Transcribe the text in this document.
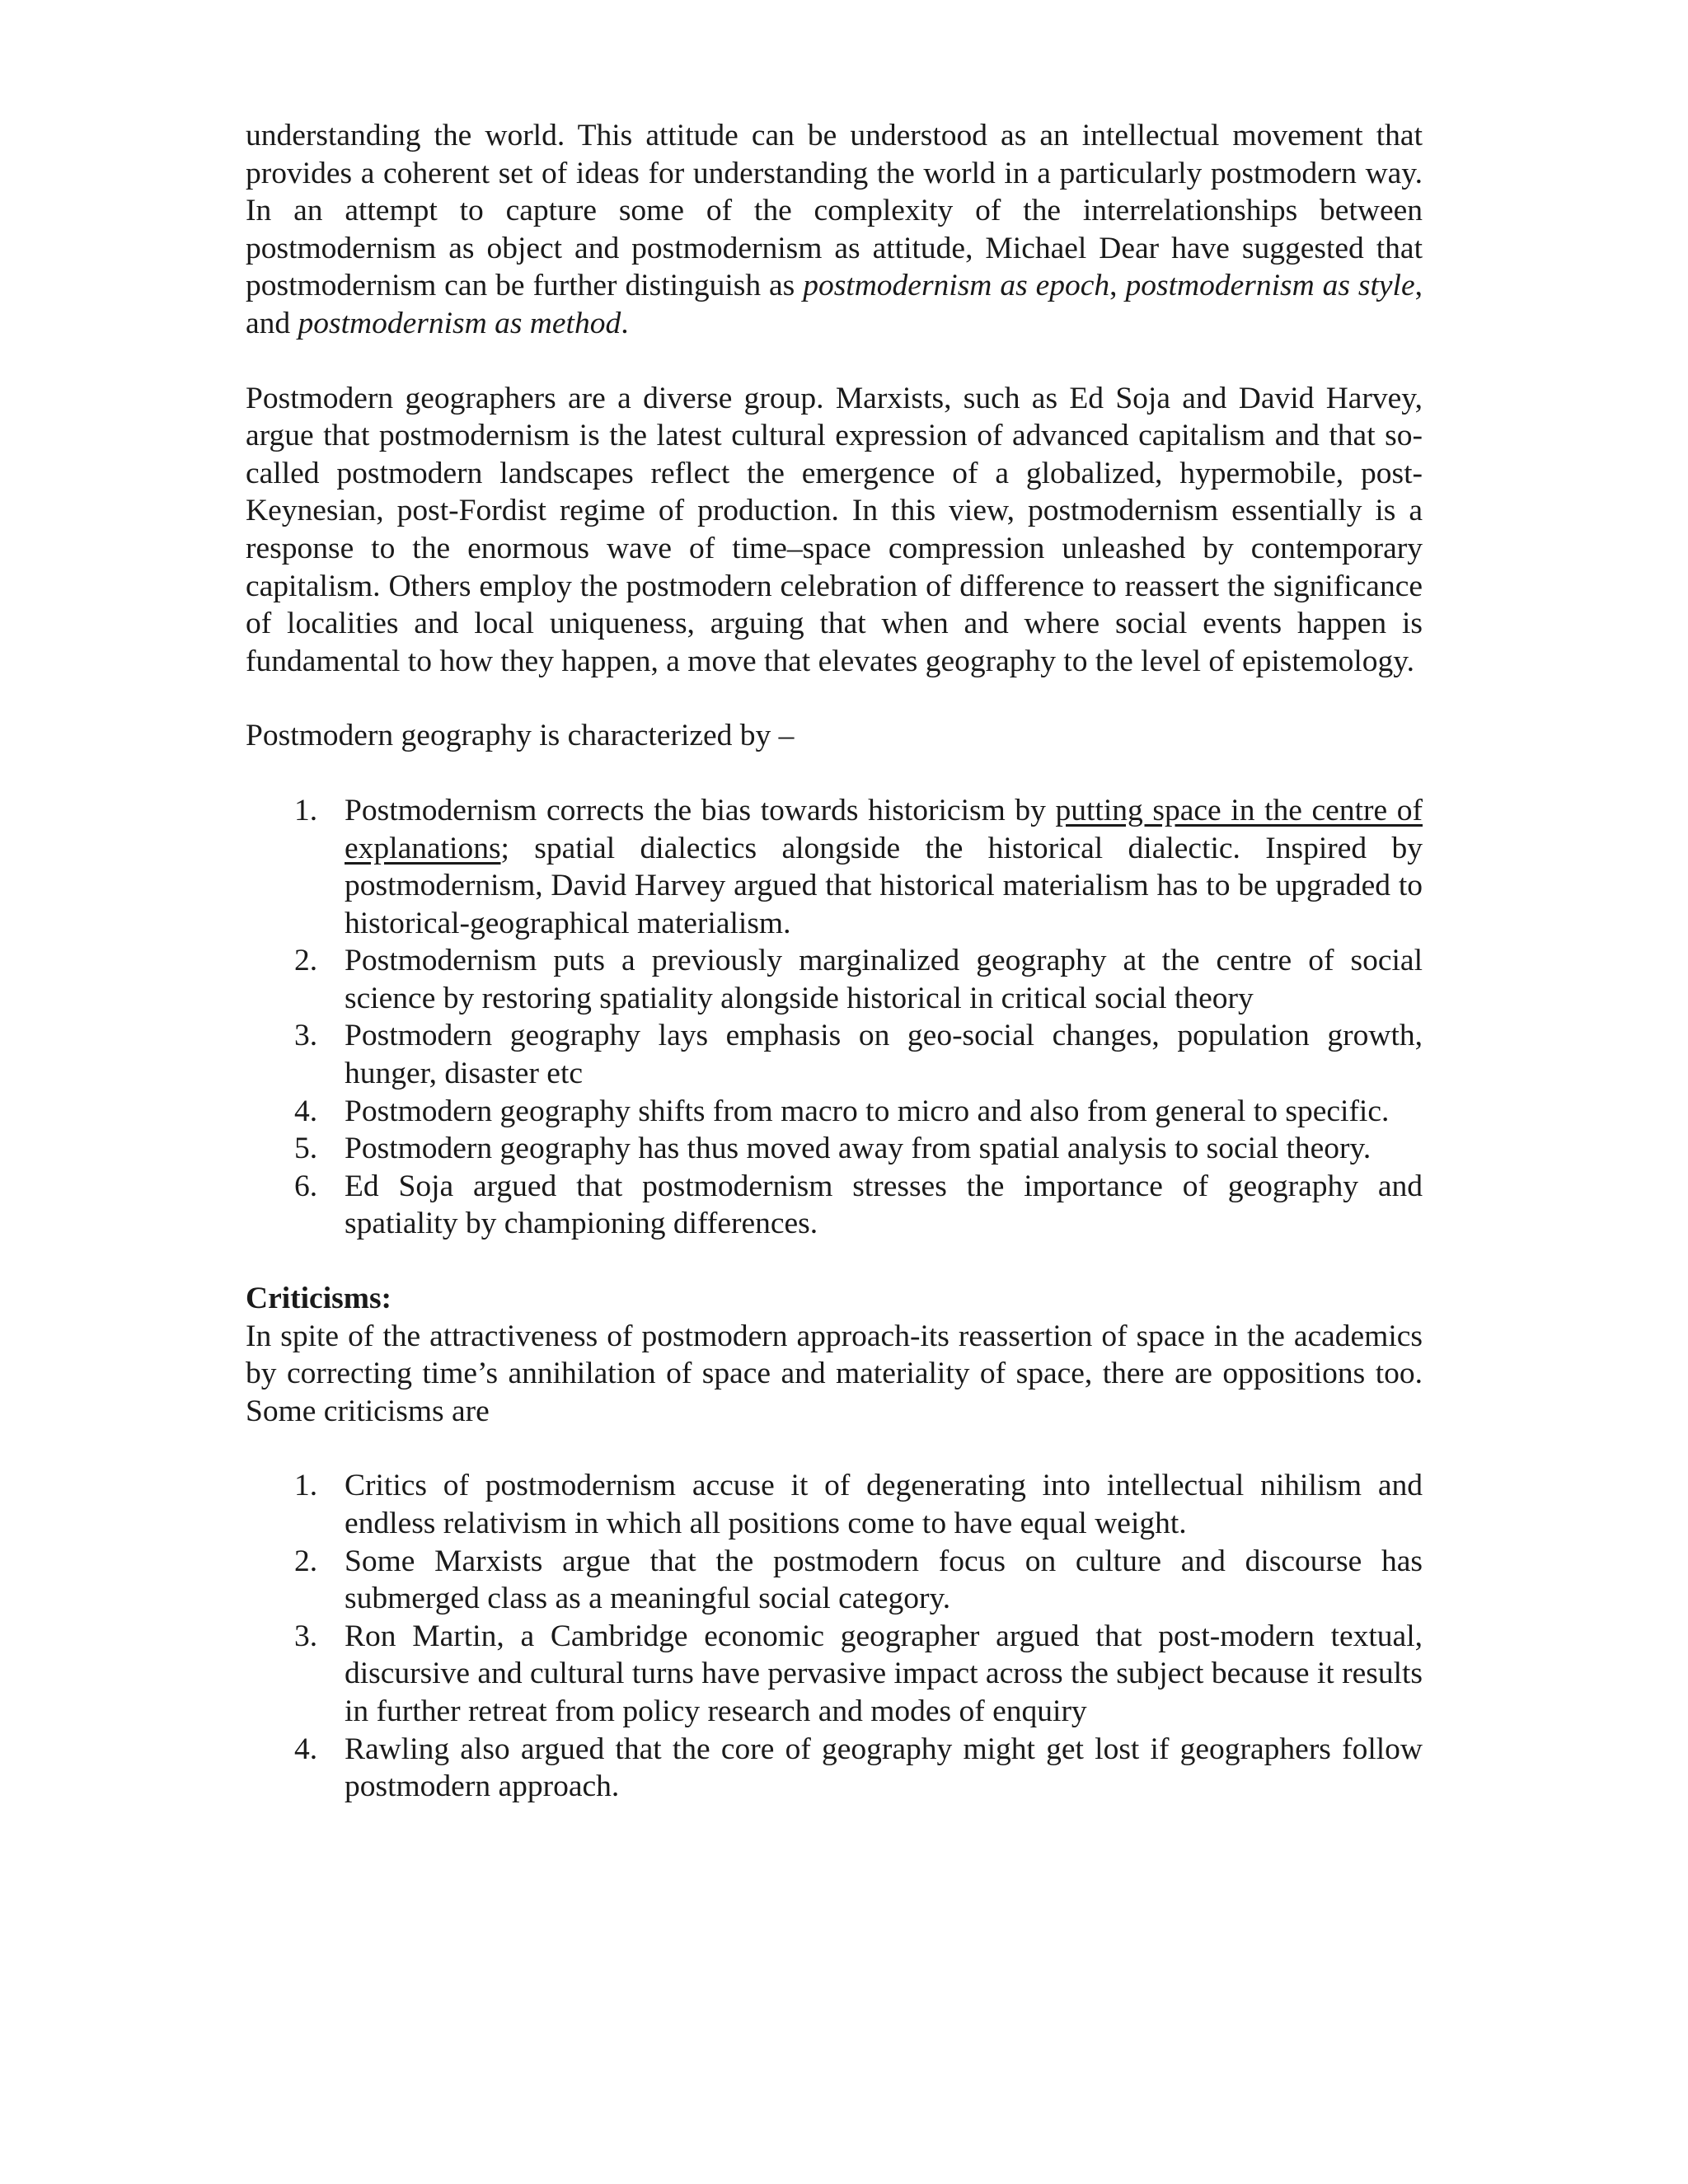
understanding the world. This attitude can be understood as an intellectual movement that provides a coherent set of ideas for understanding the world in a particularly postmodern way. In an attempt to capture some of the complexity of the interrelationships between postmodernism as object and postmodernism as attitude, Michael Dear have suggested that postmodernism can be further distinguish as postmodernism as epoch, postmodernism as style, and postmodernism as method.

Postmodern geographers are a diverse group. Marxists, such as Ed Soja and David Harvey, argue that postmodernism is the latest cultural expression of advanced capitalism and that so-called postmodern landscapes reflect the emergence of a globalized, hypermobile, post-Keynesian, post-Fordist regime of production. In this view, postmodernism essentially is a response to the enormous wave of time–space compression unleashed by contemporary capitalism. Others employ the postmodern celebration of difference to reassert the significance of localities and local uniqueness, arguing that when and where social events happen is fundamental to how they happen, a move that elevates geography to the level of epistemology.

Postmodern geography is characterized by –

1. Postmodernism corrects the bias towards historicism by putting space in the centre of explanations; spatial dialectics alongside the historical dialectic. Inspired by postmodernism, David Harvey argued that historical materialism has to be upgraded to historical-geographical materialism.
2. Postmodernism puts a previously marginalized geography at the centre of social science by restoring spatiality alongside historical in critical social theory
3. Postmodern geography lays emphasis on geo-social changes, population growth, hunger, disaster etc
4. Postmodern geography shifts from macro to micro and also from general to specific.
5. Postmodern geography has thus moved away from spatial analysis to social theory.
6. Ed Soja argued that postmodernism stresses the importance of geography and spatiality by championing differences.

Criticisms:

In spite of the attractiveness of postmodern approach-its reassertion of space in the academics by correcting time’s annihilation of space and materiality of space, there are oppositions too. Some criticisms are

1. Critics of postmodernism accuse it of degenerating into intellectual nihilism and endless relativism in which all positions come to have equal weight.
2. Some Marxists argue that the postmodern focus on culture and discourse has submerged class as a meaningful social category.
3. Ron Martin, a Cambridge economic geographer argued that post-modern textual, discursive and cultural turns have pervasive impact across the subject because it results in further retreat from policy research and modes of enquiry
4. Rawling also argued that the core of geography might get lost if geographers follow postmodern approach.
